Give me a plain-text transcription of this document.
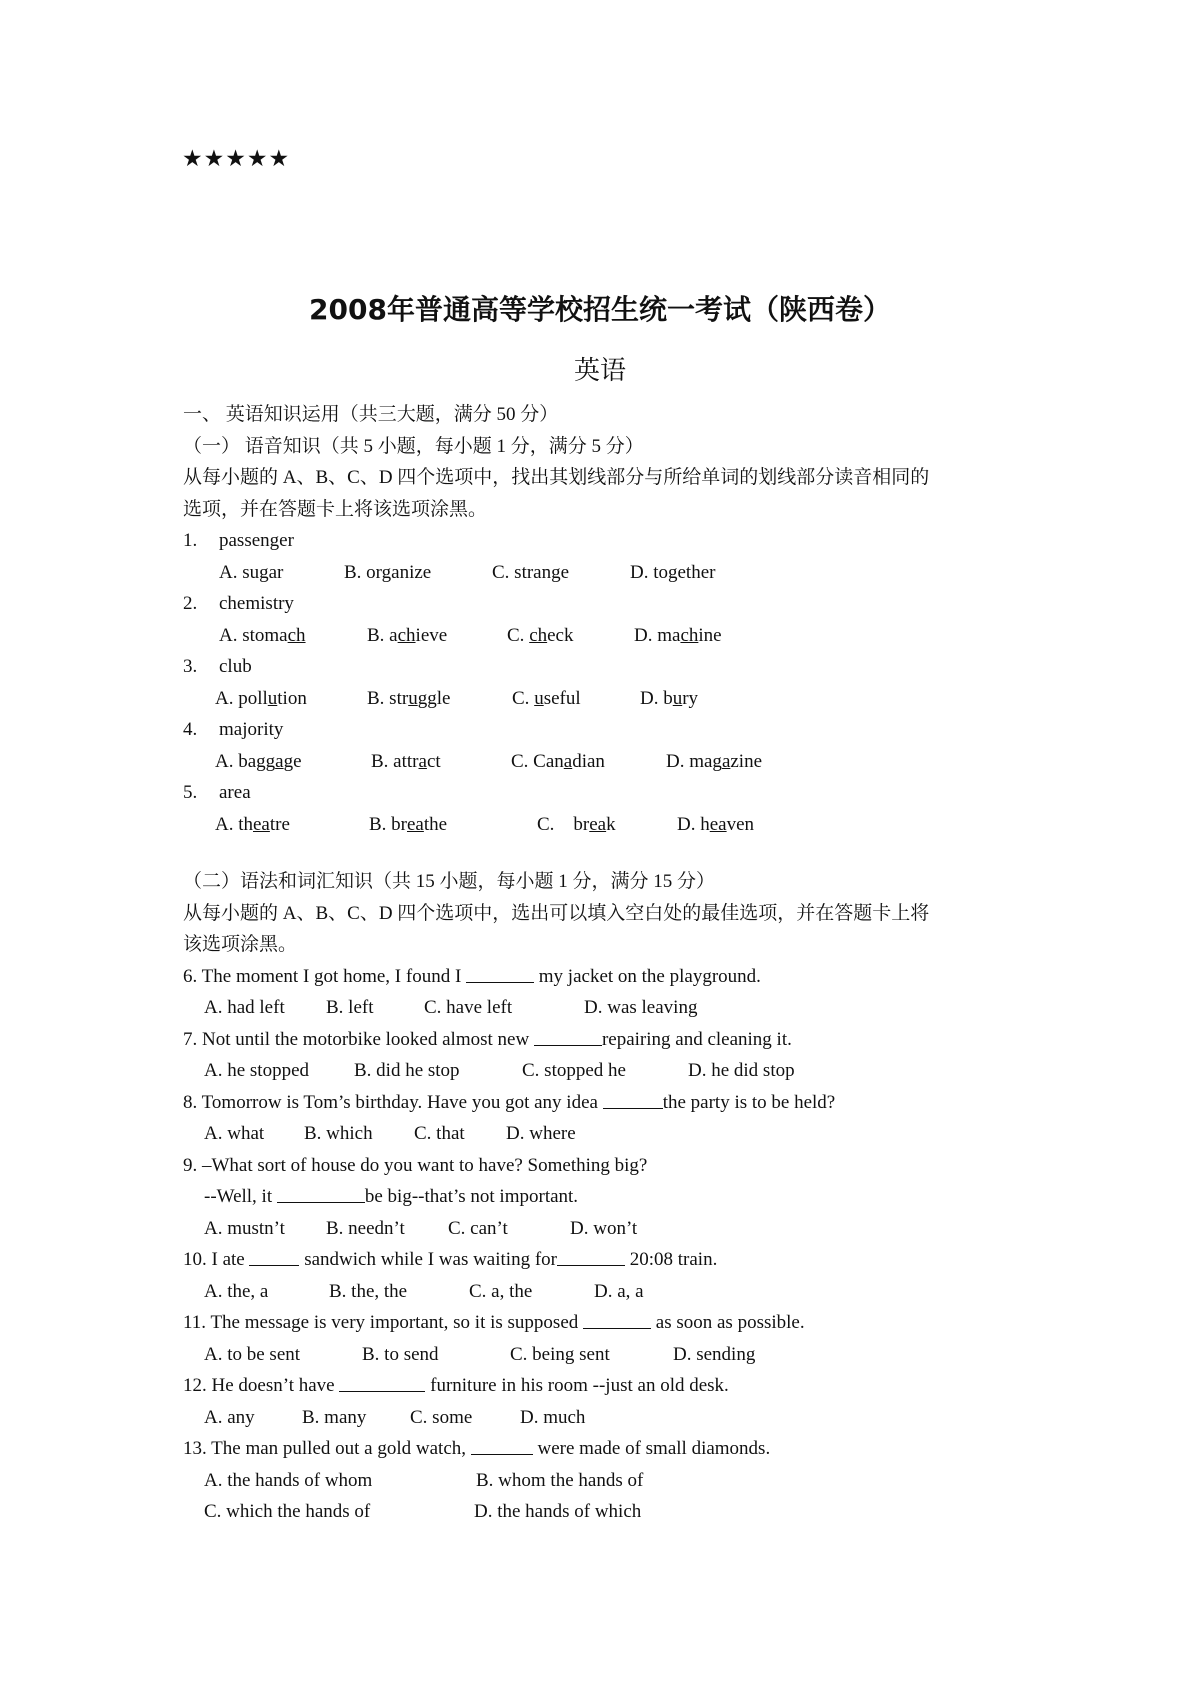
★★★★★
2008年普通高等学校招生统一考试（陕西卷）
英语
一、 英语知识运用（共三大题，满分 50 分）
（一） 语音知识（共 5 小题，每小题 1 分，满分 5 分）
从每小题的 A、B、C、D 四个选项中，找出其划线部分与所给单词的划线部分读音相同的
选项，并在答题卡上将该选项涂黑。
1. passenger
A. sugar	B. organize	C. strange	D. together
2. chemistry
A. stomach	B. achieve	C. check	D. machine
3. club
A. pollution	B. struggle	C. useful	D. bury
4. majority
A. baggage	B. attract	C. Canadian	D. magazine
5. area
A. theatre	B. breathe	C.    break	D. heaven
（二）语法和词汇知识（共 15 小题，每小题 1 分，满分 15 分）
从每小题的 A、B、C、D 四个选项中，选出可以填入空白处的最佳选项，并在答题卡上将
该选项涂黑。
6. The moment I got home, I found I	my jacket on the playground.
A. had left B. left	C. have left	D. was leaving
7. Not until the motorbike looked almost new	repairing and cleaning it.
A. he stopped B. did he stop	C. stopped he	D. he did stop
8. Tomorrow is Tom’s birthday. Have you got any idea	the party is to be held?
A. what B. which C. that D. where
9. –What sort of house do you want to have? Something big?
--Well, it	be big--that’s not important.
A. mustn’t B. needn’t C. can’t	D. won’t
10. I ate	sandwich while I was waiting for	20:08 train.
A. the, a	B. the, the	C. a, the	D. a, a
11. The message is very important, so it is supposed	as soon as possible.
A. to be sent	B. to send	C. being sent	D. sending
12. He doesn’t have	furniture in his room --just an old desk.
A. any B. many C. some	D. much
13. The man pulled out a gold watch,	were made of small diamonds.
A. the hands of whom	B. whom the hands of
C. which the hands of	D. the hands of which
